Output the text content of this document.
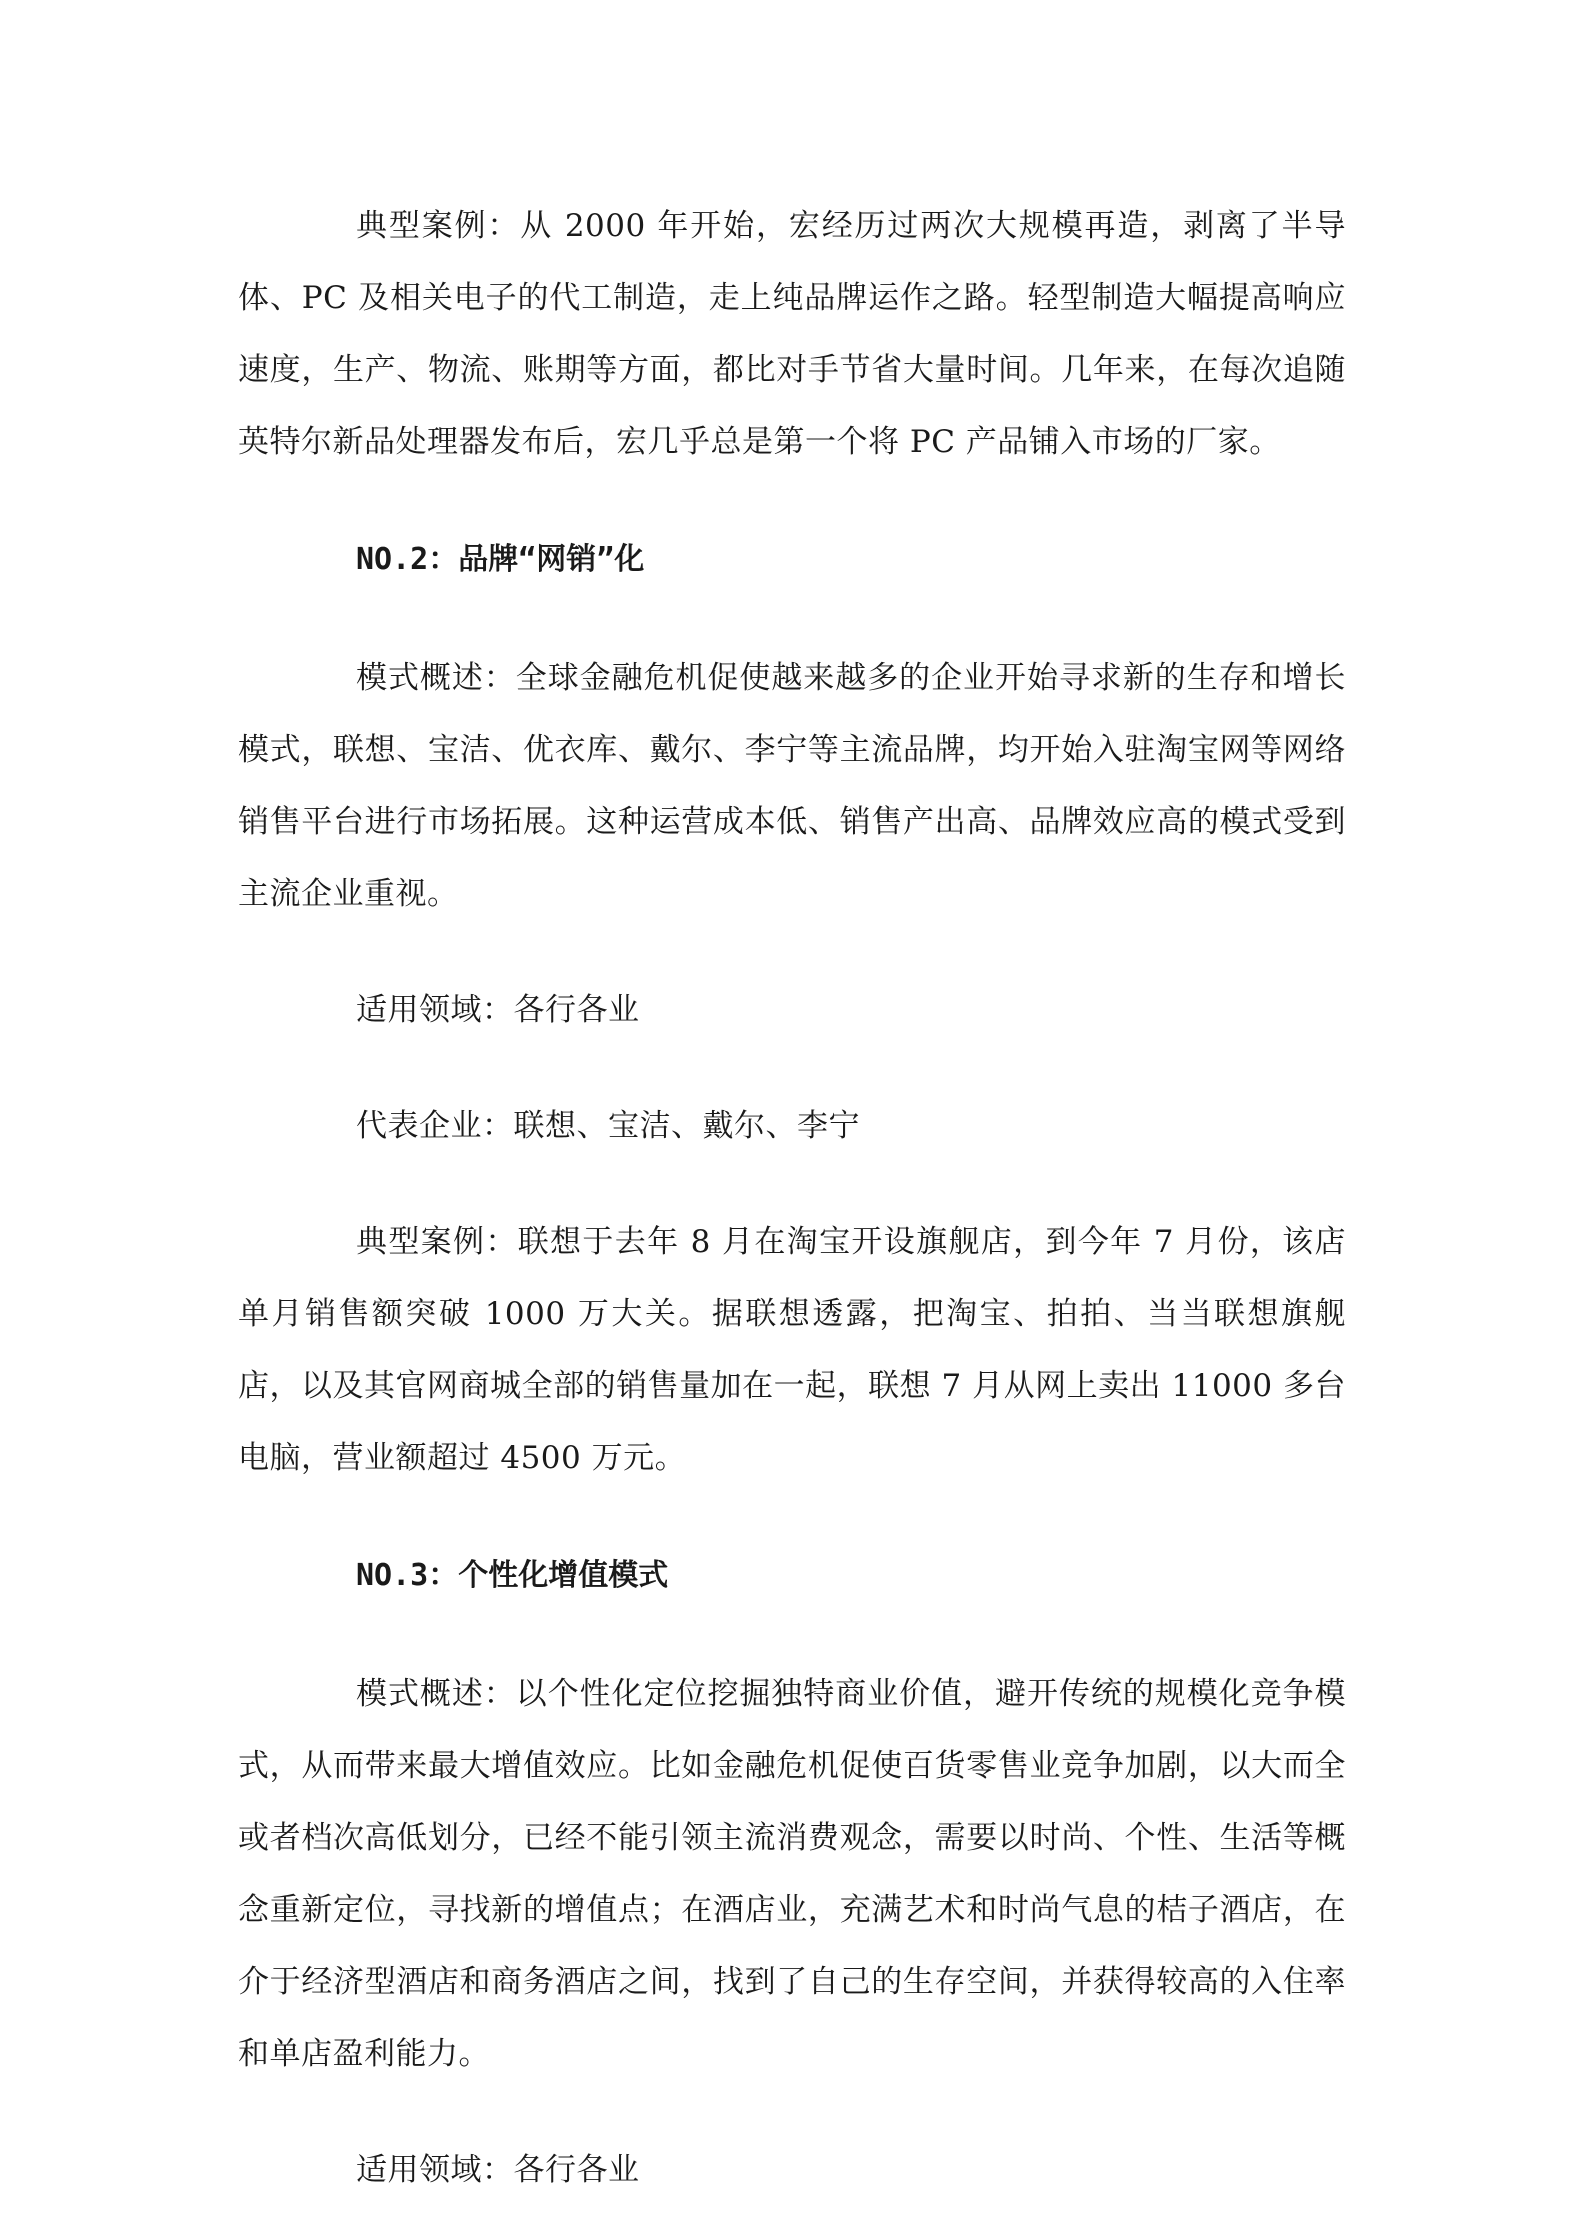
典型案例：从 2000 年开始，宏经历过两次大规模再造，剥离了半导体、PC 及相关电子的代工制造，走上纯品牌运作之路。轻型制造大幅提高响应速度，生产、物流、账期等方面，都比对手节省大量时间。几年来，在每次追随英特尔新品处理器发布后，宏几乎总是第一个将 PC 产品铺入市场的厂家。

NO.2：品牌“网销”化

模式概述：全球金融危机促使越来越多的企业开始寻求新的生存和增长模式，联想、宝洁、优衣库、戴尔、李宁等主流品牌，均开始入驻淘宝网等网络销售平台进行市场拓展。这种运营成本低、销售产出高、品牌效应高的模式受到主流企业重视。

适用领域：各行各业

代表企业：联想、宝洁、戴尔、李宁

典型案例：联想于去年 8 月在淘宝开设旗舰店，到今年 7 月份，该店单月销售额突破 1000 万大关。据联想透露，把淘宝、拍拍、当当联想旗舰店，以及其官网商城全部的销售量加在一起，联想 7 月从网上卖出 11000 多台电脑，营业额超过 4500 万元。

NO.3：个性化增值模式

模式概述：以个性化定位挖掘独特商业价值，避开传统的规模化竞争模式，从而带来最大增值效应。比如金融危机促使百货零售业竞争加剧，以大而全或者档次高低划分，已经不能引领主流消费观念，需要以时尚、个性、生活等概念重新定位，寻找新的增值点；在酒店业，充满艺术和时尚气息的桔子酒店，在介于经济型酒店和商务酒店之间，找到了自己的生存空间，并获得较高的入住率和单店盈利能力。

适用领域：各行各业
